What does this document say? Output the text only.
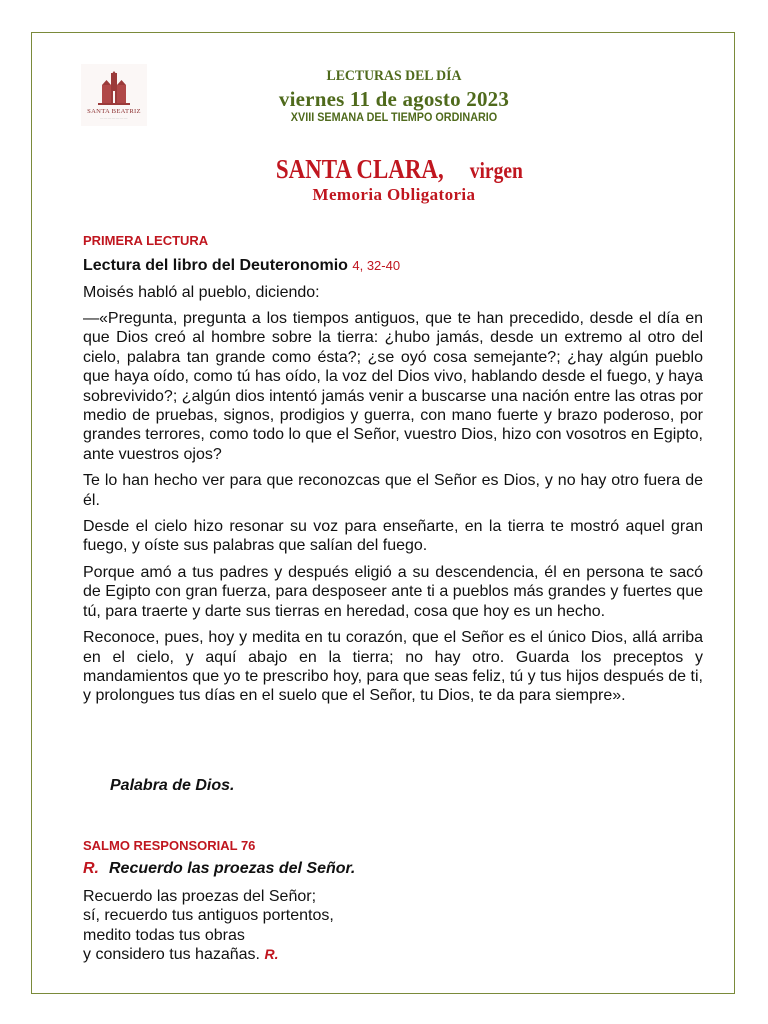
SANTA BEATRIZ
———————
LECTURAS DEL DÍA
viernes 11 de agosto 2023
XVIII SEMANA DEL TIEMPO ORDINARIO
SANTA CLARA, virgen
Memoria Obligatoria
PRIMERA LECTURA
Lectura del libro del Deuteronomio 4, 32-40

Moisés habló al pueblo, diciendo:

—«Pregunta, pregunta a los tiempos antiguos, que te han precedido, desde el día en que Dios creó al hombre sobre la tierra: ¿hubo jamás, desde un extremo al otro del cielo, palabra tan grande como ésta?; ¿se oyó cosa semejante?; ¿hay algún pueblo que haya oído, como tú has oído, la voz del Dios vivo, hablando desde el fuego, y haya sobrevivido?; ¿algún dios intentó jamás venir a buscarse una nación entre las otras por medio de pruebas, signos, prodigios y guerra, con mano fuerte y brazo poderoso, por grandes terrores, como todo lo que el Señor, vuestro Dios, hizo con vosotros en Egipto, ante vuestros ojos?

Te lo han hecho ver para que reconozcas que el Señor es Dios, y no hay otro fuera de él.

Desde el cielo hizo resonar su voz para enseñarte, en la tierra te mostró aquel gran fuego, y oíste sus palabras que salían del fuego.

Porque amó a tus padres y después eligió a su descendencia, él en persona te sacó de Egipto con gran fuerza, para desposeer ante ti a pueblos más grandes y fuertes que tú, para traerte y darte sus tierras en heredad, cosa que hoy es un hecho.

Reconoce, pues, hoy y medita en tu corazón, que el Señor es el único Dios, allá arriba en el cielo, y aquí abajo en la tierra; no hay otro. Guarda los preceptos y mandamientos que yo te prescribo hoy, para que seas feliz, tú y tus hijos después de ti, y prolongues tus días en el suelo que el Señor, tu Dios, te da para siempre».

Palabra de Dios.
SALMO RESPONSORIAL 76
R. Recuerdo las proezas del Señor.
Recuerdo las proezas del Señor;
sí, recuerdo tus antiguos portentos,
medito todas tus obras
y considero tus hazañas. R.
